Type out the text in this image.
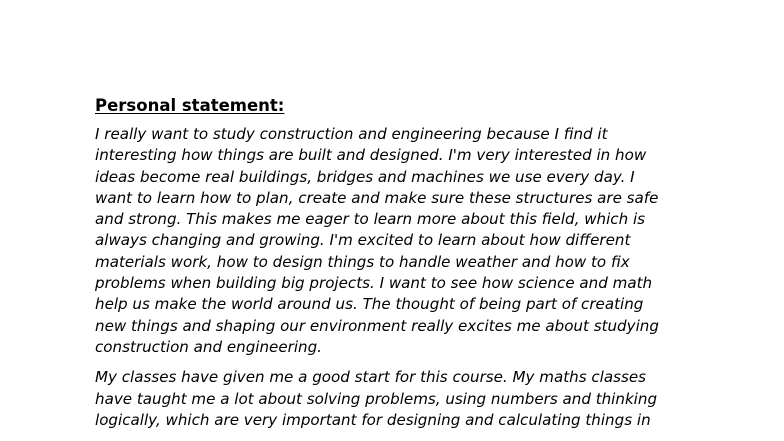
Personal statement:

I really want to study construction and engineering because I find it
interesting how things are built and designed. I'm very interested in how
ideas become real buildings, bridges and machines we use every day. I
want to learn how to plan, create and make sure these structures are safe
and strong. This makes me eager to learn more about this field, which is
always changing and growing. I'm excited to learn about how different
materials work, how to design things to handle weather and how to fix
problems when building big projects. I want to see how science and math
help us make the world around us. The thought of being part of creating
new things and shaping our environment really excites me about studying
construction and engineering.

My classes have given me a good start for this course. My maths classes
have taught me a lot about solving problems, using numbers and thinking
logically, which are very important for designing and calculating things in
